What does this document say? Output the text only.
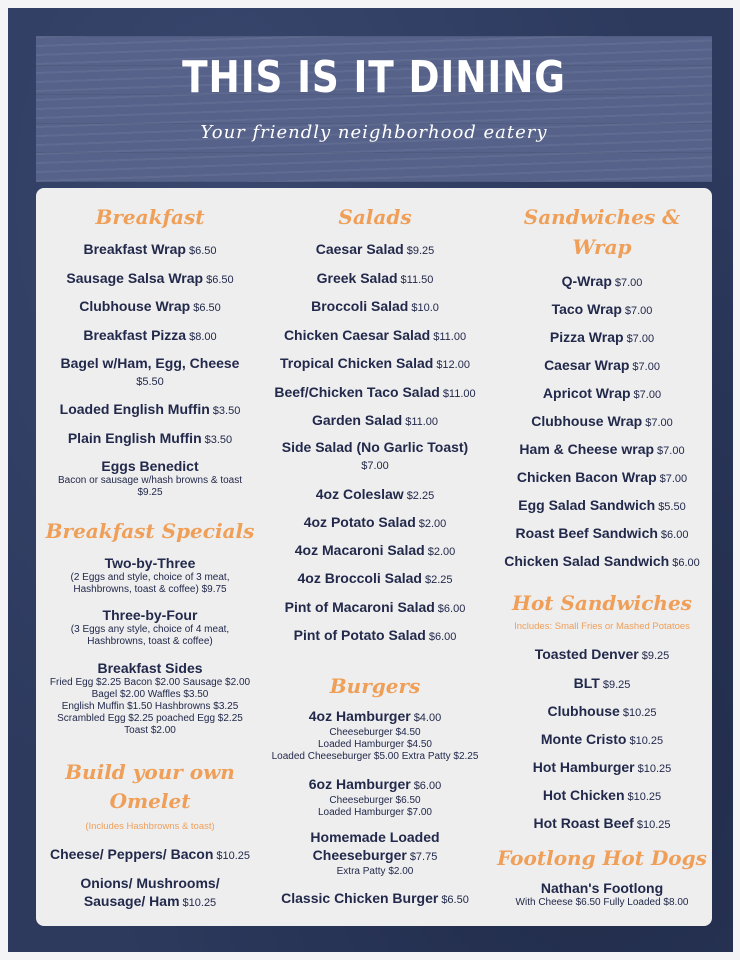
THIS IS IT DINING
Your friendly neighborhood eatery
Breakfast
Breakfast Wrap $6.50
Sausage Salsa Wrap $6.50
Clubhouse Wrap $6.50
Breakfast Pizza $8.00
Bagel w/Ham, Egg, Cheese
$5.50
Loaded English Muffin $3.50
Plain English Muffin $3.50
Eggs Benedict
Bacon or sausage w/hash browns & toast
$9.25
Breakfast Specials
Two-by-Three
(2 Eggs and style, choice of 3 meat,
Hashbrowns, toast & coffee) $9.75
Three-by-Four
(3 Eggs any style, choice of 4 meat,
Hashbrowns, toast & coffee)
Breakfast Sides
Fried Egg $2.25 Bacon $2.00 Sausage $2.00
Bagel $2.00 Waffles $3.50
English Muffin $1.50 Hashbrowns $3.25
Scrambled Egg $2.25 poached Egg $2.25
Toast $2.00
Build your own
Omelet
(Includes Hashbrowns & toast)
Cheese/ Peppers/ Bacon $10.25
Onions/ Mushrooms/
Sausage/ Ham $10.25
Salads
Caesar Salad $9.25
Greek Salad $11.50
Broccoli Salad $10.0
Chicken Caesar Salad $11.00
Tropical Chicken Salad $12.00
Beef/Chicken Taco Salad $11.00
Garden Salad $11.00
Side Salad (No Garlic Toast)
$7.00
4oz Coleslaw $2.25
4oz Potato Salad $2.00
4oz Macaroni Salad $2.00
4oz Broccoli Salad $2.25
Pint of Macaroni Salad $6.00
Pint of Potato Salad $6.00
Burgers
4oz Hamburger $4.00
Cheeseburger $4.50
Loaded Hamburger $4.50
Loaded Cheeseburger $5.00 Extra Patty $2.25
6oz Hamburger $6.00
Cheeseburger $6.50
Loaded Hamburger $7.00
Homemade Loaded
Cheeseburger $7.75
Extra Patty $2.00
Classic Chicken Burger $6.50
Sandwiches &
Wrap
Q-Wrap $7.00
Taco Wrap $7.00
Pizza Wrap $7.00
Caesar Wrap $7.00
Apricot Wrap $7.00
Clubhouse Wrap $7.00
Ham & Cheese wrap $7.00
Chicken Bacon Wrap $7.00
Egg Salad Sandwich $5.50
Roast Beef Sandwich $6.00
Chicken Salad Sandwich $6.00
Hot Sandwiches
Includes: Small Fries or Mashed Potatoes
Toasted Denver $9.25
BLT $9.25
Clubhouse $10.25
Monte Cristo $10.25
Hot Hamburger $10.25
Hot Chicken $10.25
Hot Roast Beef $10.25
Footlong Hot Dogs
Nathan's Footlong
With Cheese $6.50 Fully Loaded $8.00
